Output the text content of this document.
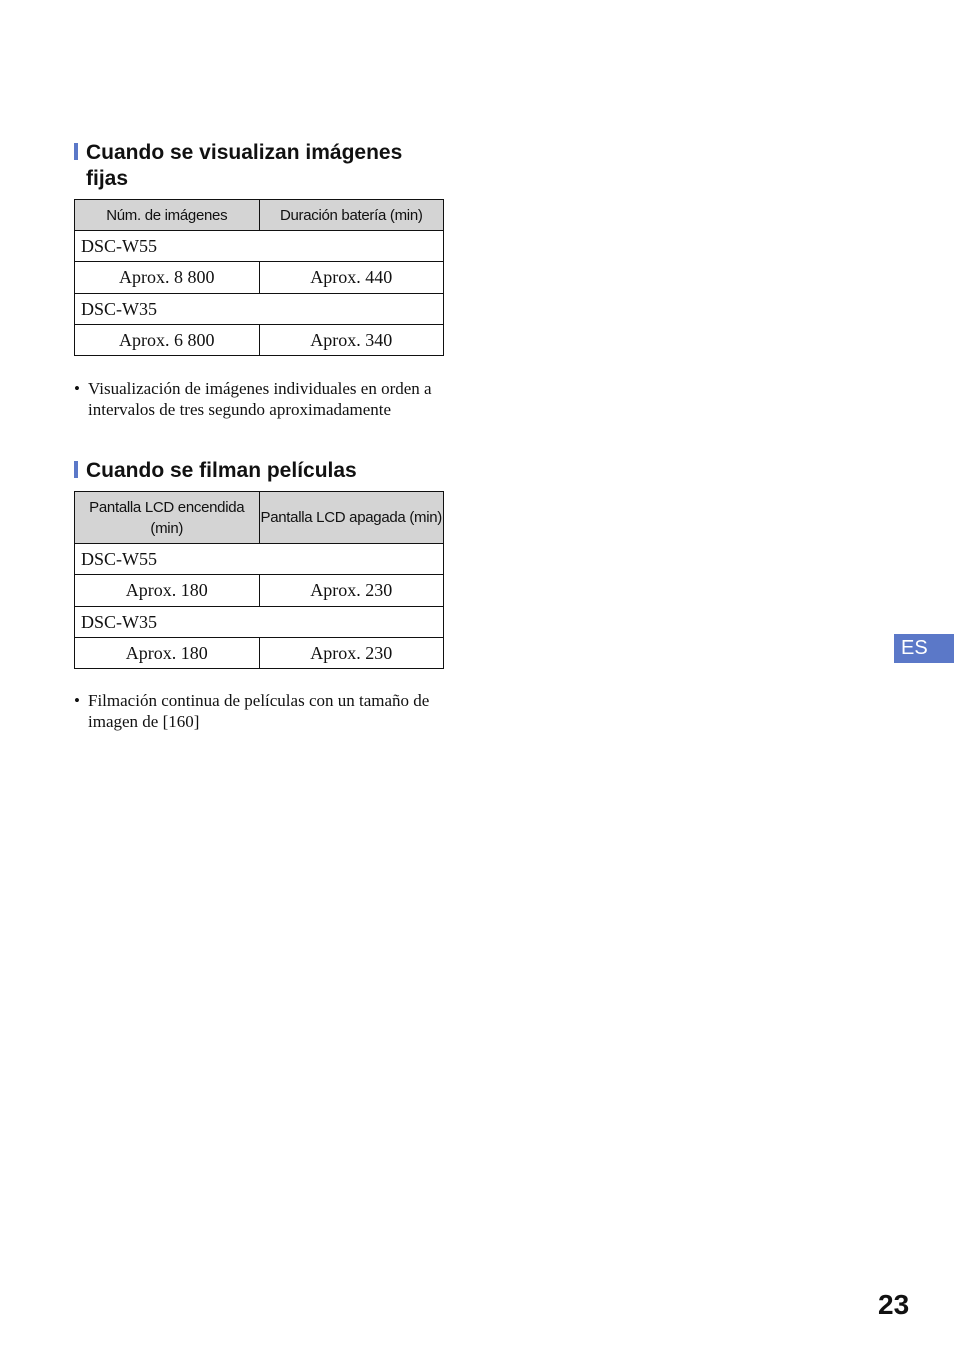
Cuando se visualizan imágenes fijas
Núm. de imágenes	Duración batería (min)
DSC-W55	
Aprox. 8 800	Aprox. 440
DSC-W35	
Aprox. 6 800	Aprox. 340
• Visualización de imágenes individuales en orden a intervalos de tres segundo aproximadamente
Cuando se filman películas
Pantalla LCD encendida (min)	Pantalla LCD apagada (min)
DSC-W55	
Aprox. 180	Aprox. 230
DSC-W35	
Aprox. 180	Aprox. 230
• Filmación continua de películas con un tamaño de imagen de [160]
ES
23
